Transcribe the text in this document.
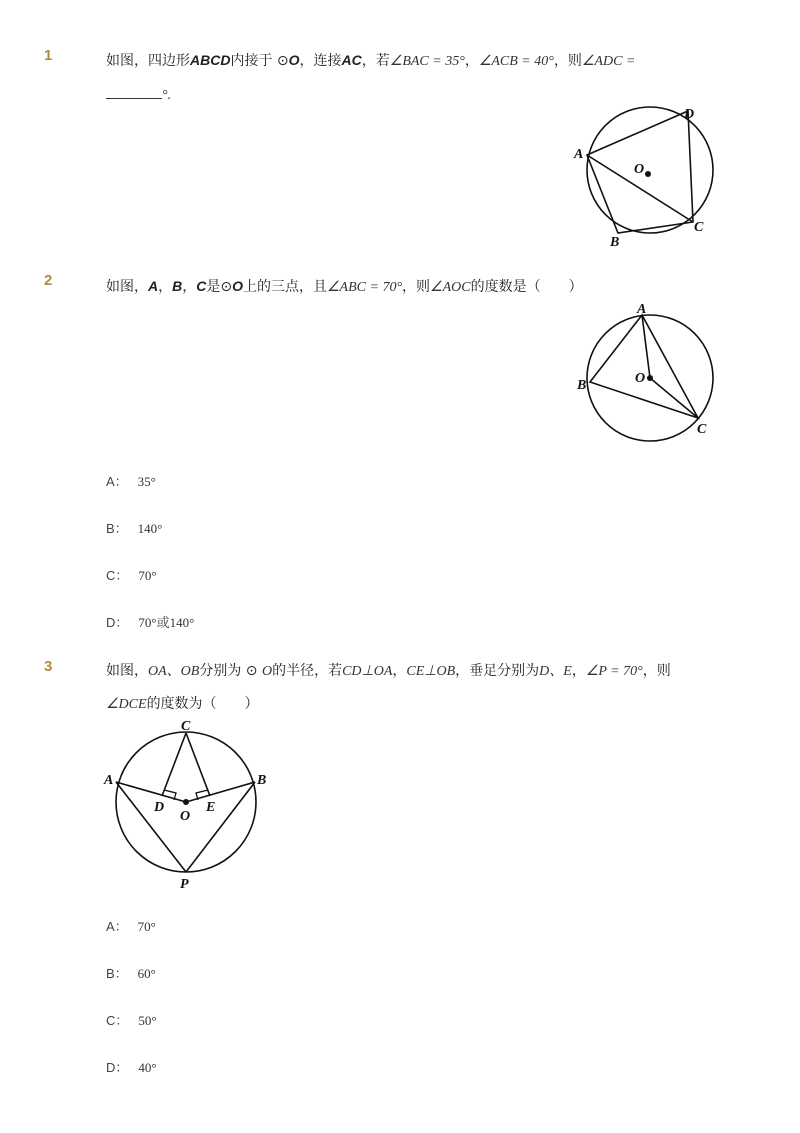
1	如图，四边形ABCD内接于 ⊙O，连接AC，若∠BAC = 35°，∠ACB = 40°，则∠ADC =
°.
A
D
C
B
O
2	如图，A，B，C是⊙O上的三点，且∠ABC = 70°，则∠AOC的度数是（　　）
A
B
C
O
A： 35°
B： 140°
C： 70°
D： 70°或140°
3	如图，OA、OB分别为 ⊙ O的半径，若CD⊥OA，CE⊥OB，垂足分别为D、E，∠P = 70°，则
∠DCE的度数为（　　）
C
A	B
D	E
O
P
A： 70°
B： 60°
C： 50°
D： 40°
